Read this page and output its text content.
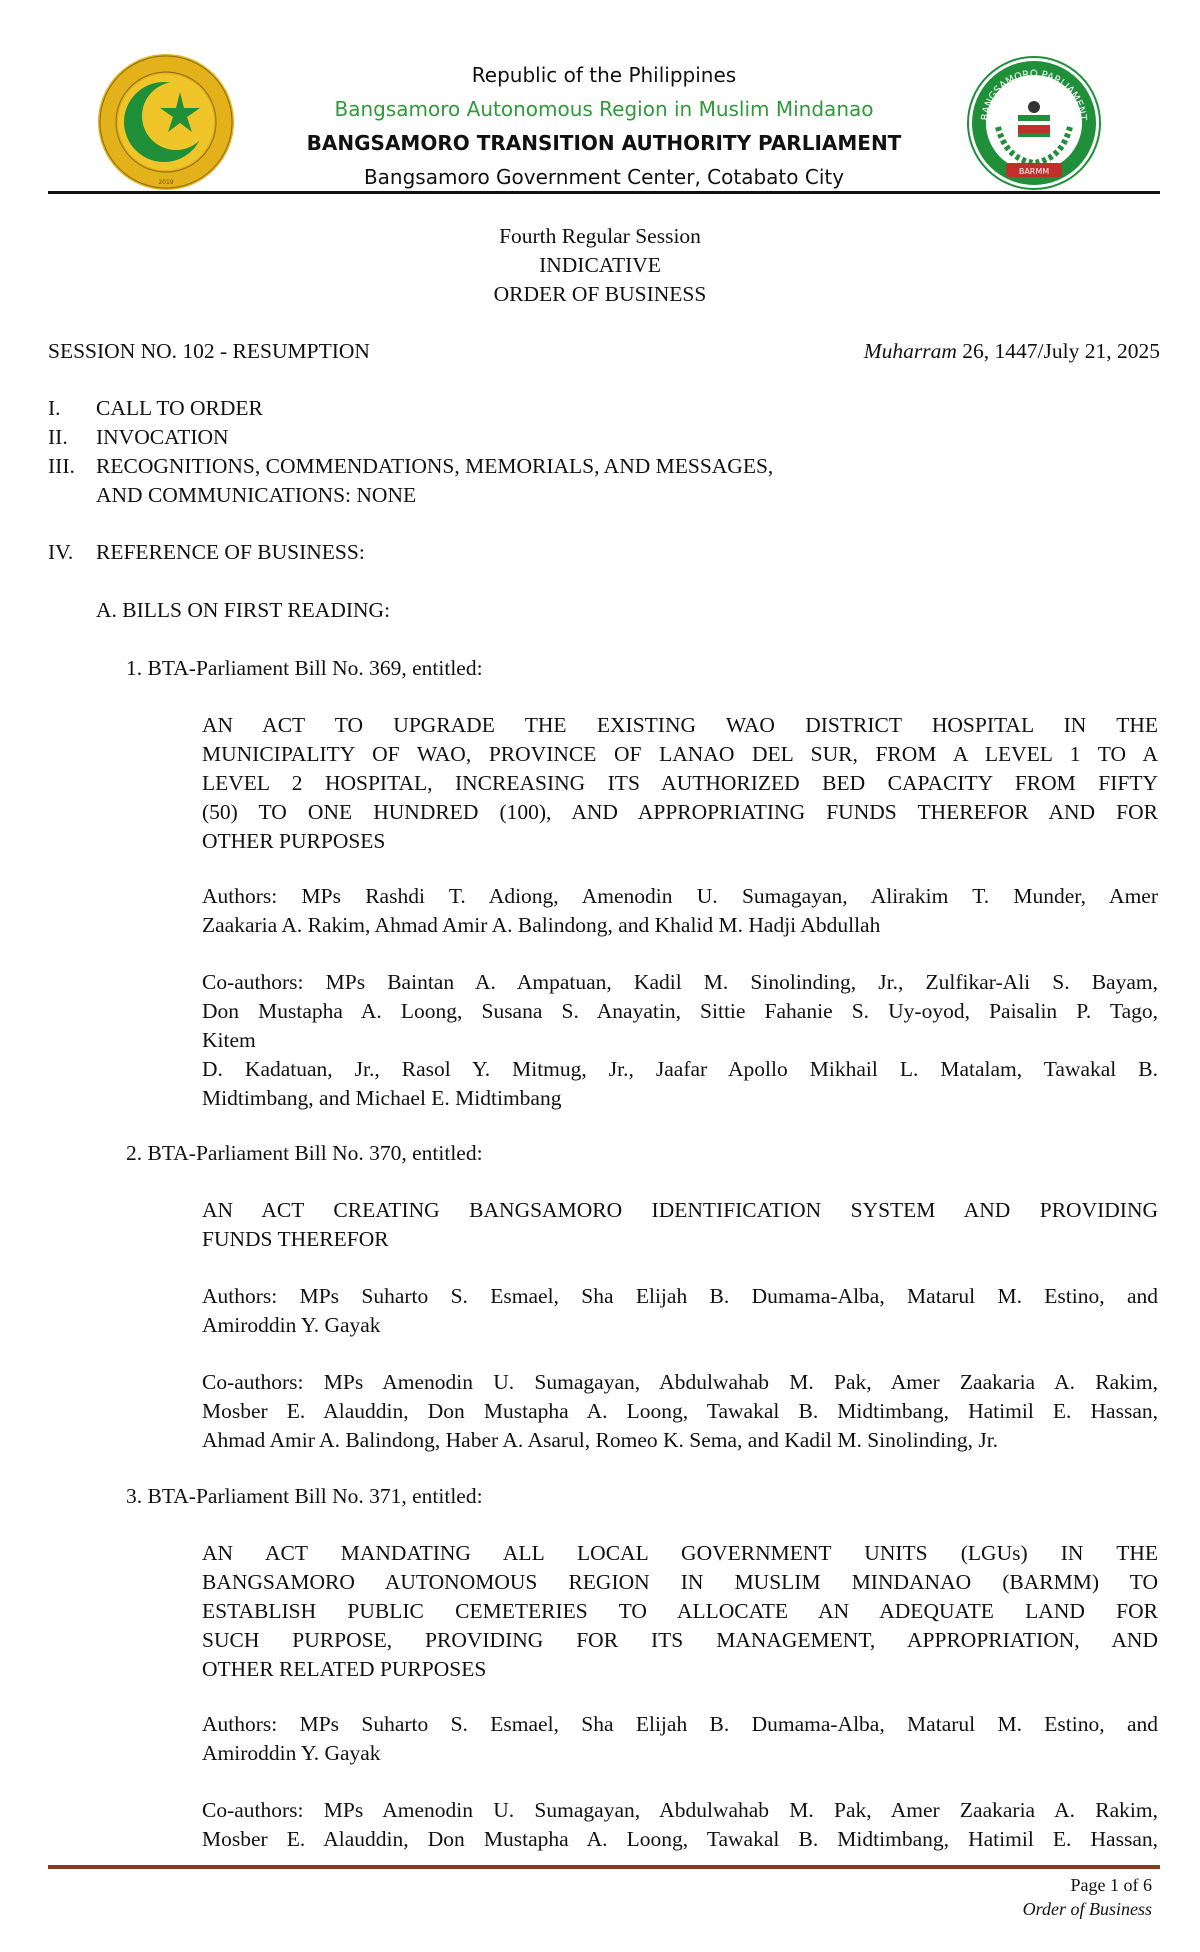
2019
Republic of the Philippines
Bangsamoro Autonomous Region in Muslim Mindanao
BANGSAMORO TRANSITION AUTHORITY PARLIAMENT
Bangsamoro Government Center, Cotabato City
BANGSAMORO PARLIAMENT
BARMM
Fourth Regular Session
INDICATIVE
ORDER OF BUSINESS
SESSION NO. 102 - RESUMPTION	Muharram 26, 1447/July 21, 2025
I. CALL TO ORDER
II. INVOCATION
III. RECOGNITIONS, COMMENDATIONS, MEMORIALS, AND MESSAGES,
AND COMMUNICATIONS: NONE
IV. REFERENCE OF BUSINESS:
A. BILLS ON FIRST READING:
1. BTA-Parliament Bill No. 369, entitled:
AN ACT TO UPGRADE THE EXISTING WAO DISTRICT HOSPITAL IN THE
MUNICIPALITY OF WAO, PROVINCE OF LANAO DEL SUR, FROM A LEVEL 1 TO A
LEVEL 2 HOSPITAL, INCREASING ITS AUTHORIZED BED CAPACITY FROM FIFTY
(50) TO ONE HUNDRED (100), AND APPROPRIATING FUNDS THEREFOR AND FOR
OTHER PURPOSES
Authors: MPs Rashdi T. Adiong, Amenodin U. Sumagayan, Alirakim T. Munder, Amer
Zaakaria A. Rakim, Ahmad Amir A. Balindong, and Khalid M. Hadji Abdullah
Co-authors: MPs Baintan A. Ampatuan, Kadil M. Sinolinding, Jr., Zulfikar-Ali S. Bayam,
Don Mustapha A. Loong, Susana S. Anayatin, Sittie Fahanie S. Uy-oyod, Paisalin P. Tago,
Kitem
D. Kadatuan, Jr., Rasol Y. Mitmug, Jr., Jaafar Apollo Mikhail L. Matalam, Tawakal B.
Midtimbang, and Michael E. Midtimbang
2. BTA-Parliament Bill No. 370, entitled:
AN ACT CREATING BANGSAMORO IDENTIFICATION SYSTEM AND PROVIDING
FUNDS THEREFOR
Authors: MPs Suharto S. Esmael, Sha Elijah B. Dumama-Alba, Matarul M. Estino, and
Amiroddin Y. Gayak
Co-authors: MPs Amenodin U. Sumagayan, Abdulwahab M. Pak, Amer Zaakaria A. Rakim,
Mosber E. Alauddin, Don Mustapha A. Loong, Tawakal B. Midtimbang, Hatimil E. Hassan,
Ahmad Amir A. Balindong, Haber A. Asarul, Romeo K. Sema, and Kadil M. Sinolinding, Jr.
3. BTA-Parliament Bill No. 371, entitled:
AN ACT MANDATING ALL LOCAL GOVERNMENT UNITS (LGUs) IN THE
BANGSAMORO AUTONOMOUS REGION IN MUSLIM MINDANAO (BARMM) TO
ESTABLISH PUBLIC CEMETERIES TO ALLOCATE AN ADEQUATE LAND FOR
SUCH PURPOSE, PROVIDING FOR ITS MANAGEMENT, APPROPRIATION, AND
OTHER RELATED PURPOSES
Authors: MPs Suharto S. Esmael, Sha Elijah B. Dumama-Alba, Matarul M. Estino, and
Amiroddin Y. Gayak
Co-authors: MPs Amenodin U. Sumagayan, Abdulwahab M. Pak, Amer Zaakaria A. Rakim,
Mosber E. Alauddin, Don Mustapha A. Loong, Tawakal B. Midtimbang, Hatimil E. Hassan,
Page 1 of 6
Order of Business
